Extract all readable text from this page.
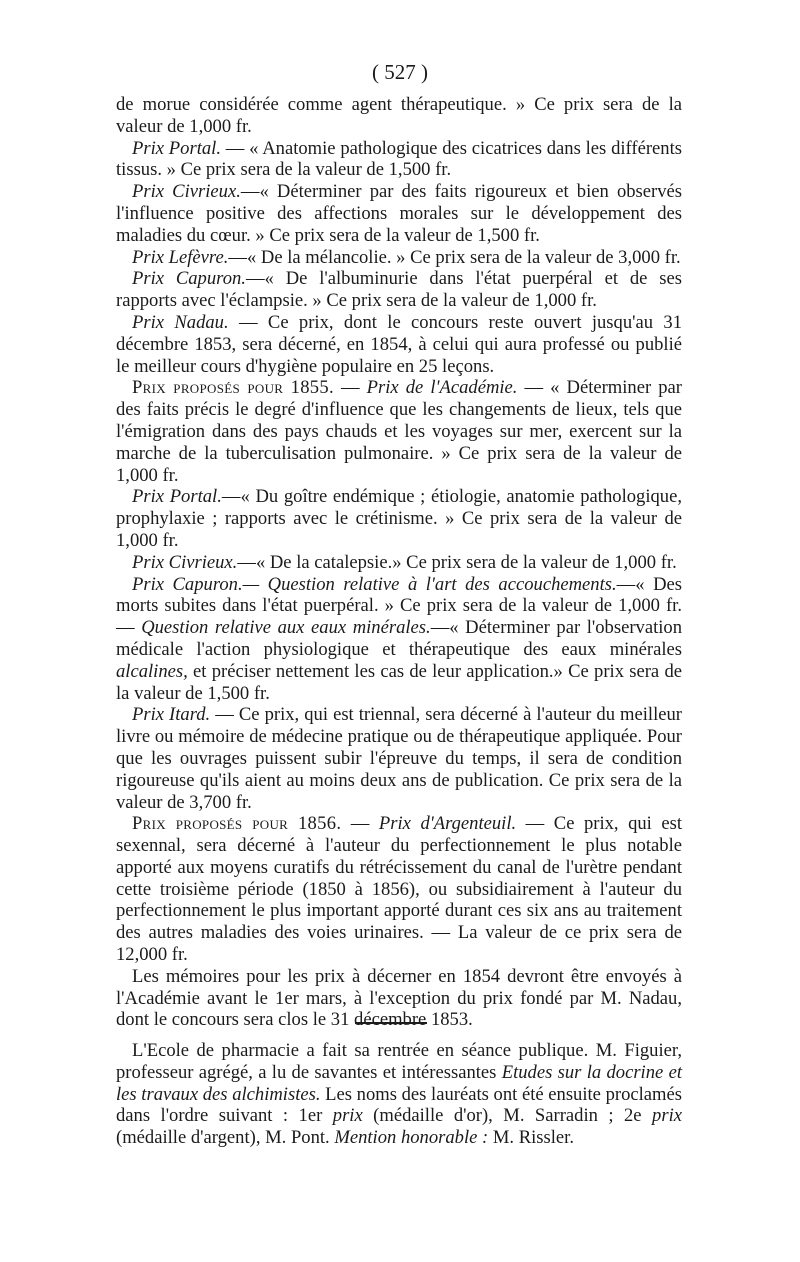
( 527 )

de morue considérée comme agent thérapeutique. » Ce prix sera de la valeur de 1,000 fr.

Prix Portal. — « Anatomie pathologique des cicatrices dans les différents tissus. » Ce prix sera de la valeur de 1,500 fr.

Prix Civrieux.—« Déterminer par des faits rigoureux et bien observés l'influence positive des affections morales sur le développement des maladies du cœur. » Ce prix sera de la valeur de 1,500 fr.

Prix Lefèvre.—« De la mélancolie. » Ce prix sera de la valeur de 3,000 fr.

Prix Capuron.—« De l'albuminurie dans l'état puerpéral et de ses rapports avec l'éclampsie. » Ce prix sera de la valeur de 1,000 fr.

Prix Nadau. — Ce prix, dont le concours reste ouvert jusqu'au 31 décembre 1853, sera décerné, en 1854, à celui qui aura professé ou publié le meilleur cours d'hygiène populaire en 25 leçons.

Prix proposés pour 1855. — Prix de l'Académie. — « Déterminer par des faits précis le degré d'influence que les changements de lieux, tels que l'émigration dans des pays chauds et les voyages sur mer, exercent sur la marche de la tuberculisation pulmonaire. » Ce prix sera de la valeur de 1,000 fr.

Prix Portal.—« Du goître endémique ; étiologie, anatomie pathologique, prophylaxie ; rapports avec le crétinisme. » Ce prix sera de la valeur de 1,000 fr.

Prix Civrieux.—« De la catalepsie.» Ce prix sera de la valeur de 1,000 fr.

Prix Capuron.— Question relative à l'art des accouchements.—« Des morts subites dans l'état puerpéral. » Ce prix sera de la valeur de 1,000 fr. — Question relative aux eaux minérales.—« Déterminer par l'observation médicale l'action physiologique et thérapeutique des eaux minérales alcalines, et préciser nettement les cas de leur application.» Ce prix sera de la valeur de 1,500 fr.

Prix Itard. — Ce prix, qui est triennal, sera décerné à l'auteur du meilleur livre ou mémoire de médecine pratique ou de thérapeutique appliquée. Pour que les ouvrages puissent subir l'épreuve du temps, il sera de condition rigoureuse qu'ils aient au moins deux ans de publication. Ce prix sera de la valeur de 3,700 fr.

Prix proposés pour 1856. — Prix d'Argenteuil. — Ce prix, qui est sexennal, sera décerné à l'auteur du perfectionnement le plus notable apporté aux moyens curatifs du rétrécissement du canal de l'urètre pendant cette troisième période (1850 à 1856), ou subsidiairement à l'auteur du perfectionnement le plus important apporté durant ces six ans au traitement des autres maladies des voies urinaires. — La valeur de ce prix sera de 12,000 fr.

Les mémoires pour les prix à décerner en 1854 devront être envoyés à l'Académie avant le 1er mars, à l'exception du prix fondé par M. Nadau, dont le concours sera clos le 31 décembre 1853.

L'Ecole de pharmacie a fait sa rentrée en séance publique. M. Figuier, professeur agrégé, a lu de savantes et intéressantes Etudes sur la docrine et les travaux des alchimistes. Les noms des lauréats ont été ensuite proclamés dans l'ordre suivant : 1er prix (médaille d'or), M. Sarradin ; 2e prix (médaille d'argent), M. Pont. Mention honorable : M. Rissler.
